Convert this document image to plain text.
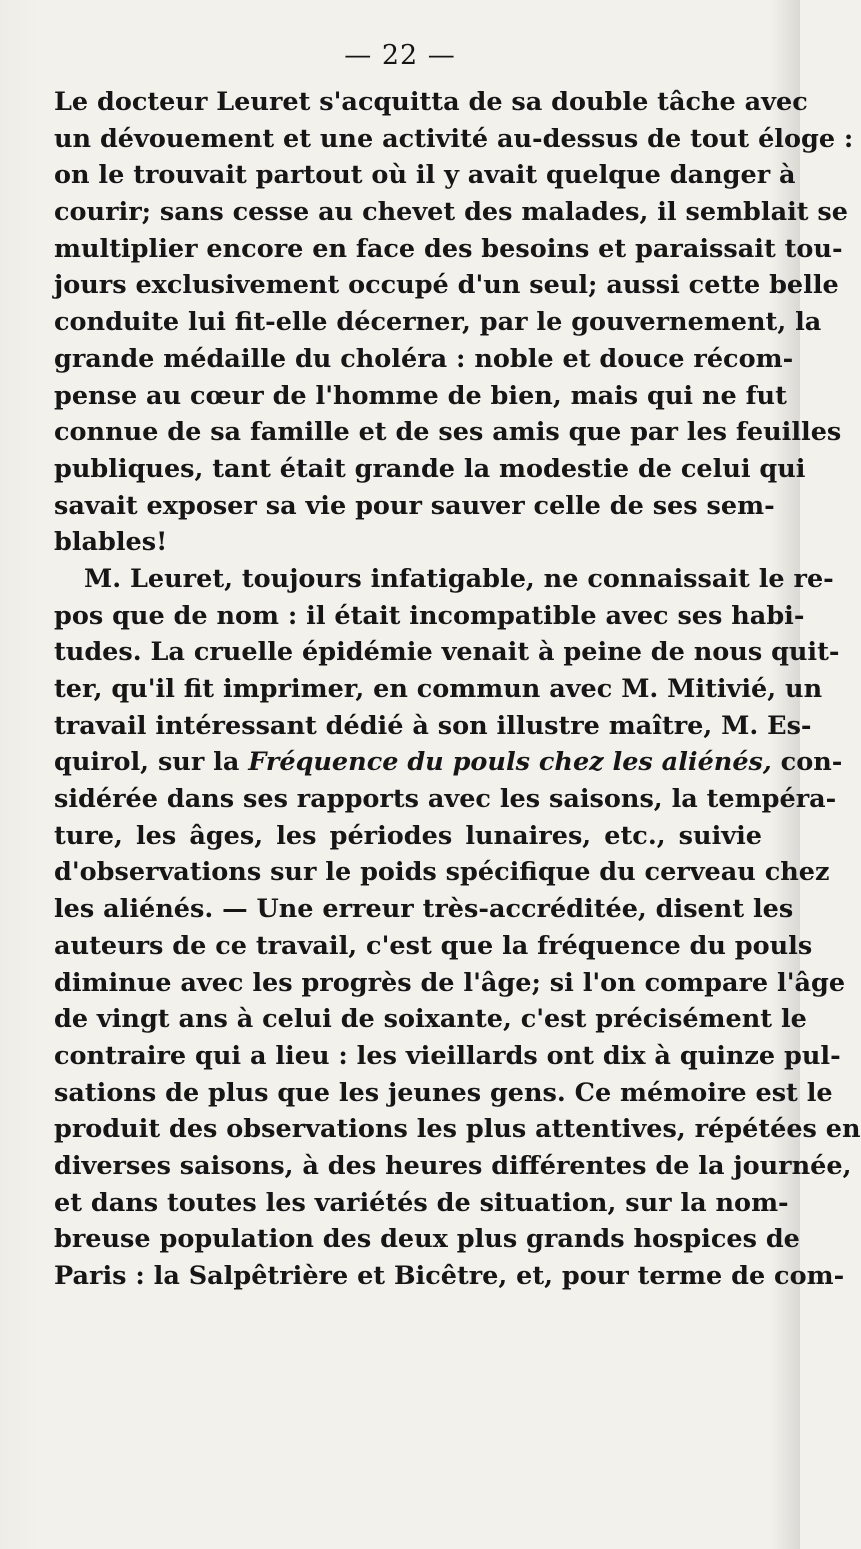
— 22 —
Le docteur Leuret s'acquitta de sa double tâche avec
un dévouement et une activité au-dessus de tout éloge :
on le trouvait partout où il y avait quelque danger à
courir; sans cesse au chevet des malades, il semblait se
multiplier encore en face des besoins et paraissait tou-
jours exclusivement occupé d'un seul; aussi cette belle
conduite lui fit-elle décerner, par le gouvernement, la
grande médaille du choléra : noble et douce récom-
pense au cœur de l'homme de bien, mais qui ne fut
connue de sa famille et de ses amis que par les feuilles
publiques, tant était grande la modestie de celui qui
savait exposer sa vie pour sauver celle de ses sem-
blables!
M. Leuret, toujours infatigable, ne connaissait le re-
pos que de nom : il était incompatible avec ses habi-
tudes. La cruelle épidémie venait à peine de nous quit-
ter, qu'il fit imprimer, en commun avec M. Mitivié, un
travail intéressant dédié à son illustre maître, M. Es-
quirol, sur la Fréquence du pouls chez les aliénés, con-
sidérée dans ses rapports avec les saisons, la tempéra-
ture, les âges, les périodes lunaires, etc., suivie
d'observations sur le poids spécifique du cerveau chez
les aliénés. — Une erreur très-accréditée, disent les
auteurs de ce travail, c'est que la fréquence du pouls
diminue avec les progrès de l'âge; si l'on compare l'âge
de vingt ans à celui de soixante, c'est précisément le
contraire qui a lieu : les vieillards ont dix à quinze pul-
sations de plus que les jeunes gens. Ce mémoire est le
produit des observations les plus attentives, répétées en
diverses saisons, à des heures différentes de la journée,
et dans toutes les variétés de situation, sur la nom-
breuse population des deux plus grands hospices de
Paris : la Salpêtrière et Bicêtre, et, pour terme de com-
